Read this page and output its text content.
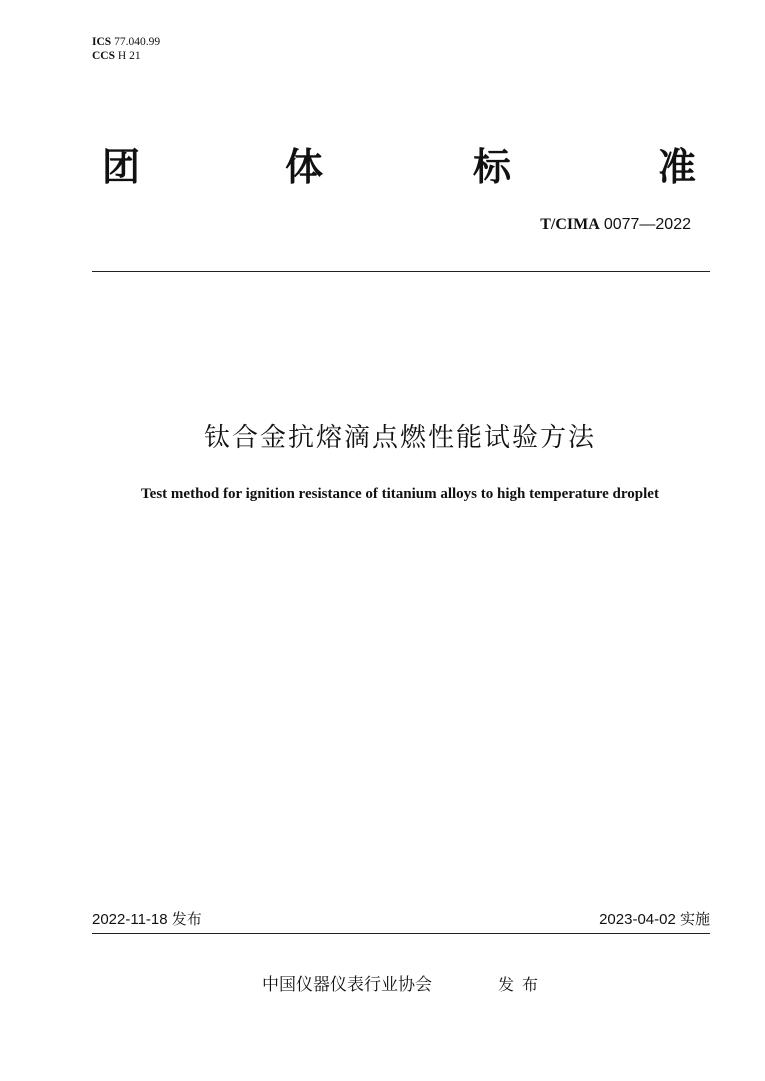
ICS 77.040.99
CCS H 21
团	体	标	准
T/CIMA 0077—2022
钛合金抗熔滴点燃性能试验方法
Test method for ignition resistance of titanium alloys to high temperature droplet
2022-11-18 发布	2023-04-02 实施
中国仪器仪表行业协会	发布
